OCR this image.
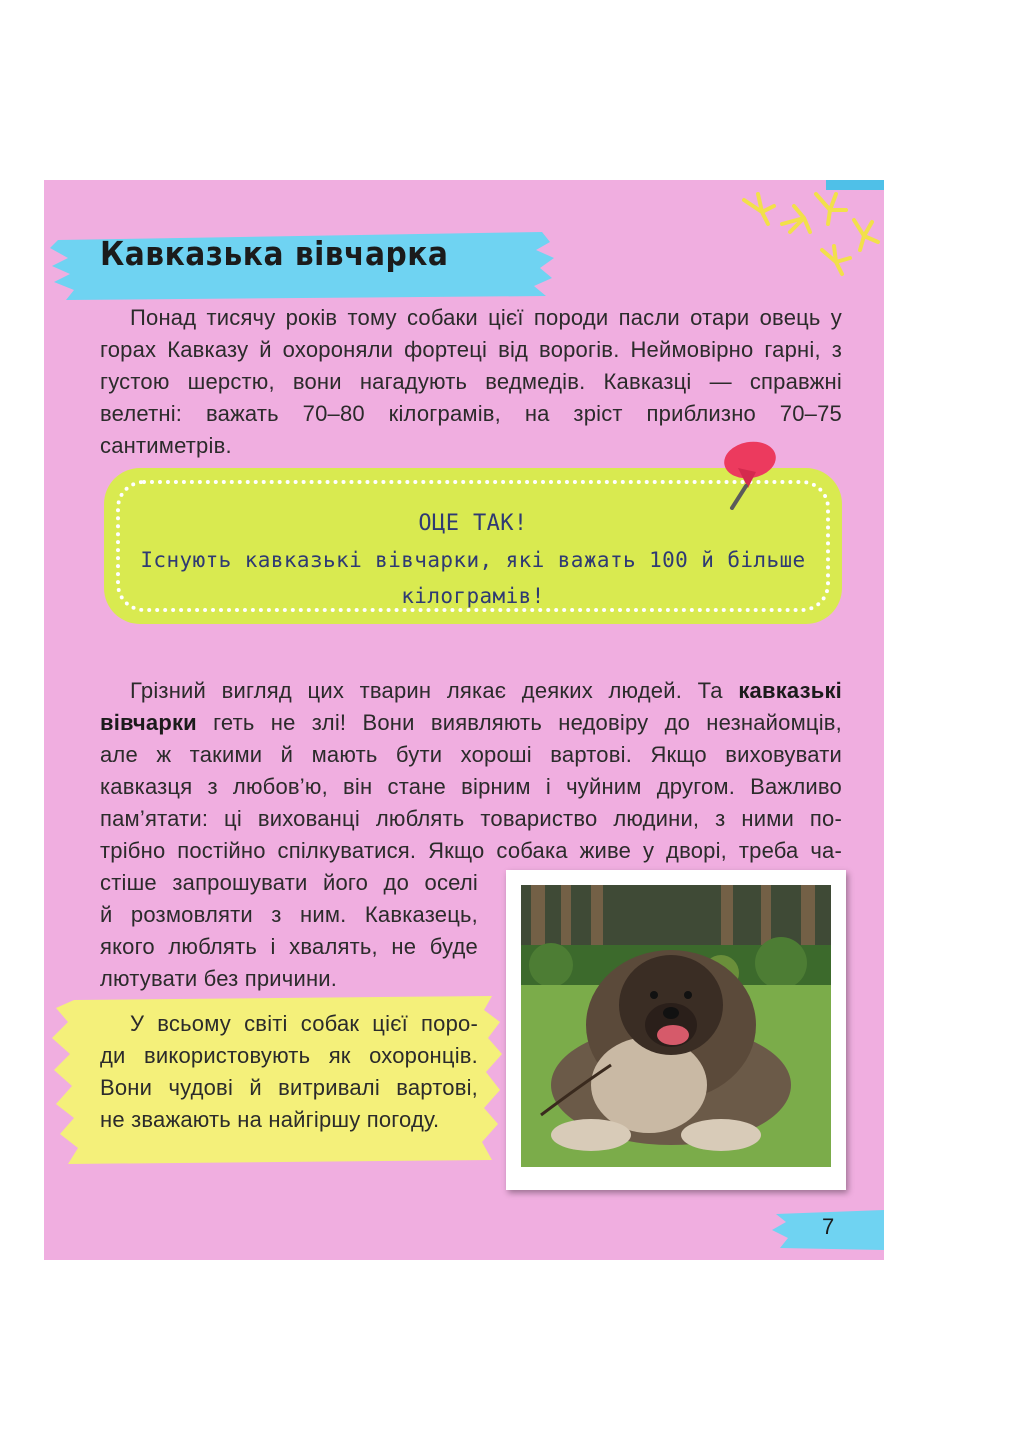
Кавказька вівчарка

Понад тисячу років тому собаки цієї породи пасли отари овець у горах Кавказу й охороняли фортеці від ворогів. Неймовірно гарні, з густою шерстю, вони нагадують ведмедів. Кавказці — справжні велетні: важать 70–80 кілограмів, на зріст приблизно 70–75 сантиметрів.

ОЦЕ ТАК!
Існують кавказькі вівчарки, які важать 100 й більше кілограмів!
Грізний вигляд цих тварин лякає деяких людей. Та кавказькі
вівчарки геть не злі! Вони виявляють недовіру до незнайомців,
але ж такими й мають бути хороші вартові. Якщо виховувати
кавказця з любов’ю, він стане вірним і чуйним другом. Важливо
пам’ятати: ці вихованці люблять товариство людини, з ними по-
трібно постійно спілкуватися. Якщо собака живе у дворі, треба ча-
стіше запрошувати його до оселі
й розмовляти з ним. Кавказець,
якого люблять і хвалять, не буде
лютувати без причини.
У всьому світі собак цієї поро-
ди використовують як охоронців.
Вони чудові й витривалі вартові,
не зважають на найгіршу погоду.
7
